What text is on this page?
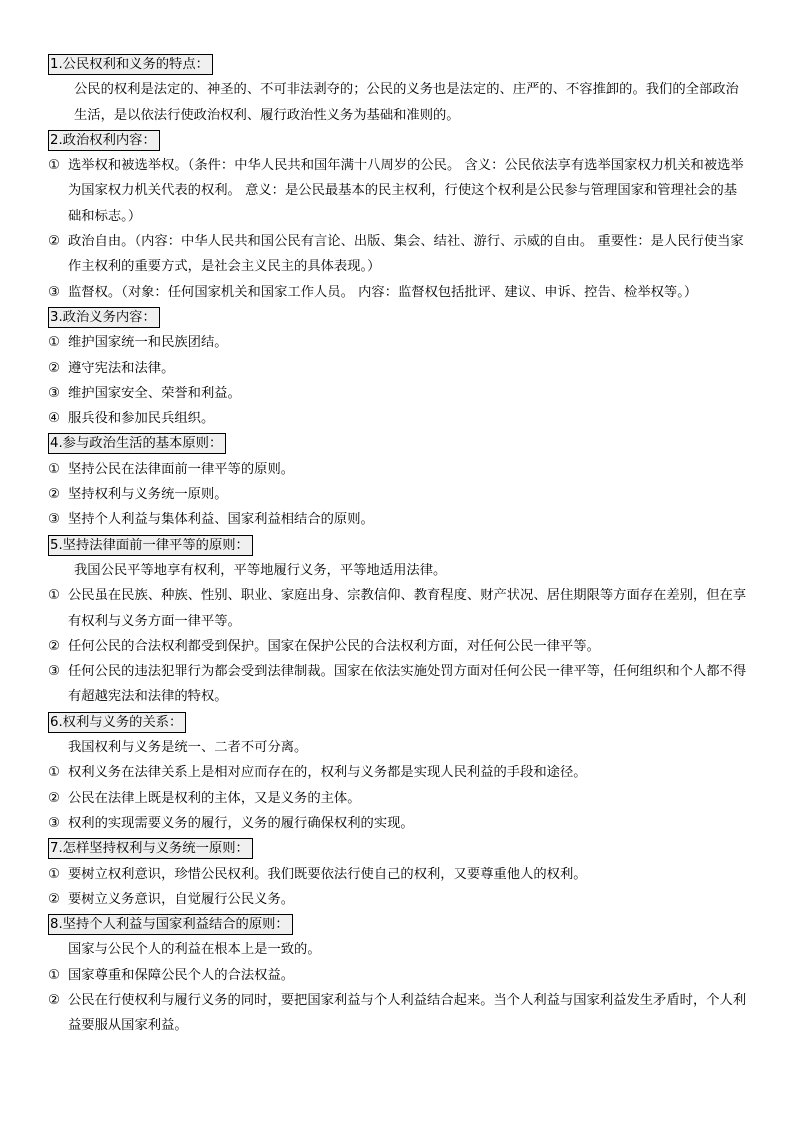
1.公民权利和义务的特点：

公民的权利是法定的、神圣的、不可非法剥夺的；公民的义务也是法定的、庄严的、不容推卸的。我们的全部政治生活，是以依法行使政治权利、履行政治性义务为基础和准则的。

2.政治权利内容：
① 选举权和被选举权。（条件：中华人民共和国年满十八周岁的公民。 含义：公民依法享有选举国家权力机关和被选举为国家权力机关代表的权利。 意义：是公民最基本的民主权利，行使这个权利是公民参与管理国家和管理社会的基础和标志。）
② 政治自由。（内容：中华人民共和国公民有言论、出版、集会、结社、游行、示威的自由。 重要性：是人民行使当家作主权利的重要方式，是社会主义民主的具体表现。）
③ 监督权。（对象：任何国家机关和国家工作人员。 内容：监督权包括批评、建议、申诉、控告、检举权等。）
3.政治义务内容：
① 维护国家统一和民族团结。
② 遵守宪法和法律。
③ 维护国家安全、荣誉和利益。
④ 服兵役和参加民兵组织。
4.参与政治生活的基本原则：
① 坚持公民在法律面前一律平等的原则。
② 坚持权利与义务统一原则。
③ 坚持个人利益与集体利益、国家利益相结合的原则。
5.坚持法律面前一律平等的原则：

我国公民平等地享有权利，平等地履行义务，平等地适用法律。

① 公民虽在民族、种族、性别、职业、家庭出身、宗教信仰、教育程度、财产状况、居住期限等方面存在差别，但在享有权利与义务方面一律平等。
② 任何公民的合法权利都受到保护。国家在保护公民的合法权利方面，对任何公民一律平等。
③ 任何公民的违法犯罪行为都会受到法律制裁。国家在依法实施处罚方面对任何公民一律平等，任何组织和个人都不得有超越宪法和法律的特权。
6.权利与义务的关系：

我国权利与义务是统一、二者不可分离。

① 权利义务在法律关系上是相对应而存在的，权利与义务都是实现人民利益的手段和途径。
② 公民在法律上既是权利的主体，又是义务的主体。
③ 权利的实现需要义务的履行，义务的履行确保权利的实现。
7.怎样坚持权利与义务统一原则：
① 要树立权利意识，珍惜公民权利。我们既要依法行使自己的权利，又要尊重他人的权利。
② 要树立义务意识，自觉履行公民义务。
8.坚持个人利益与国家利益结合的原则：

国家与公民个人的利益在根本上是一致的。

① 国家尊重和保障公民个人的合法权益。
② 公民在行使权利与履行义务的同时，要把国家利益与个人利益结合起来。当个人利益与国家利益发生矛盾时，个人利益要服从国家利益。
